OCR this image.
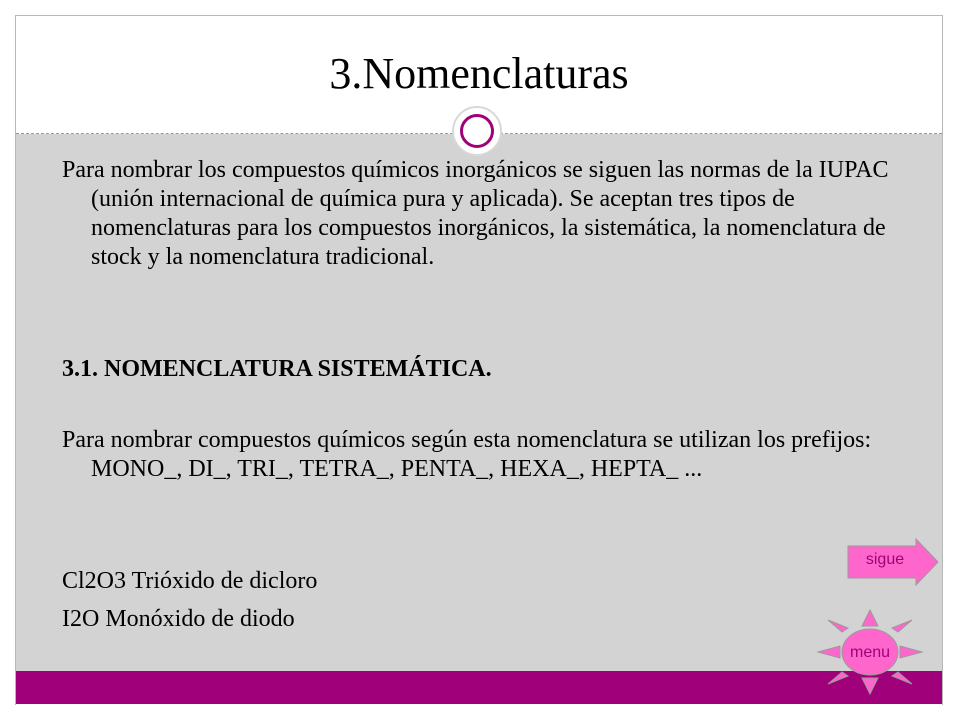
3.Nomenclaturas

Para nombrar los compuestos químicos inorgánicos se siguen las normas de la IUPAC (unión internacional de química pura y aplicada). Se aceptan tres tipos de nomenclaturas para los compuestos inorgánicos, la sistemática, la nomenclatura de stock y la nomenclatura tradicional.

3.1. NOMENCLATURA SISTEMÁTICA.

Para nombrar compuestos químicos según esta nomenclatura se utilizan los prefijos: MONO_, DI_, TRI_, TETRA_, PENTA_, HEXA_, HEPTA_ ...

Cl2O3 Trióxido de dicloro

I2O Monóxido de diodo

sigue
menu
